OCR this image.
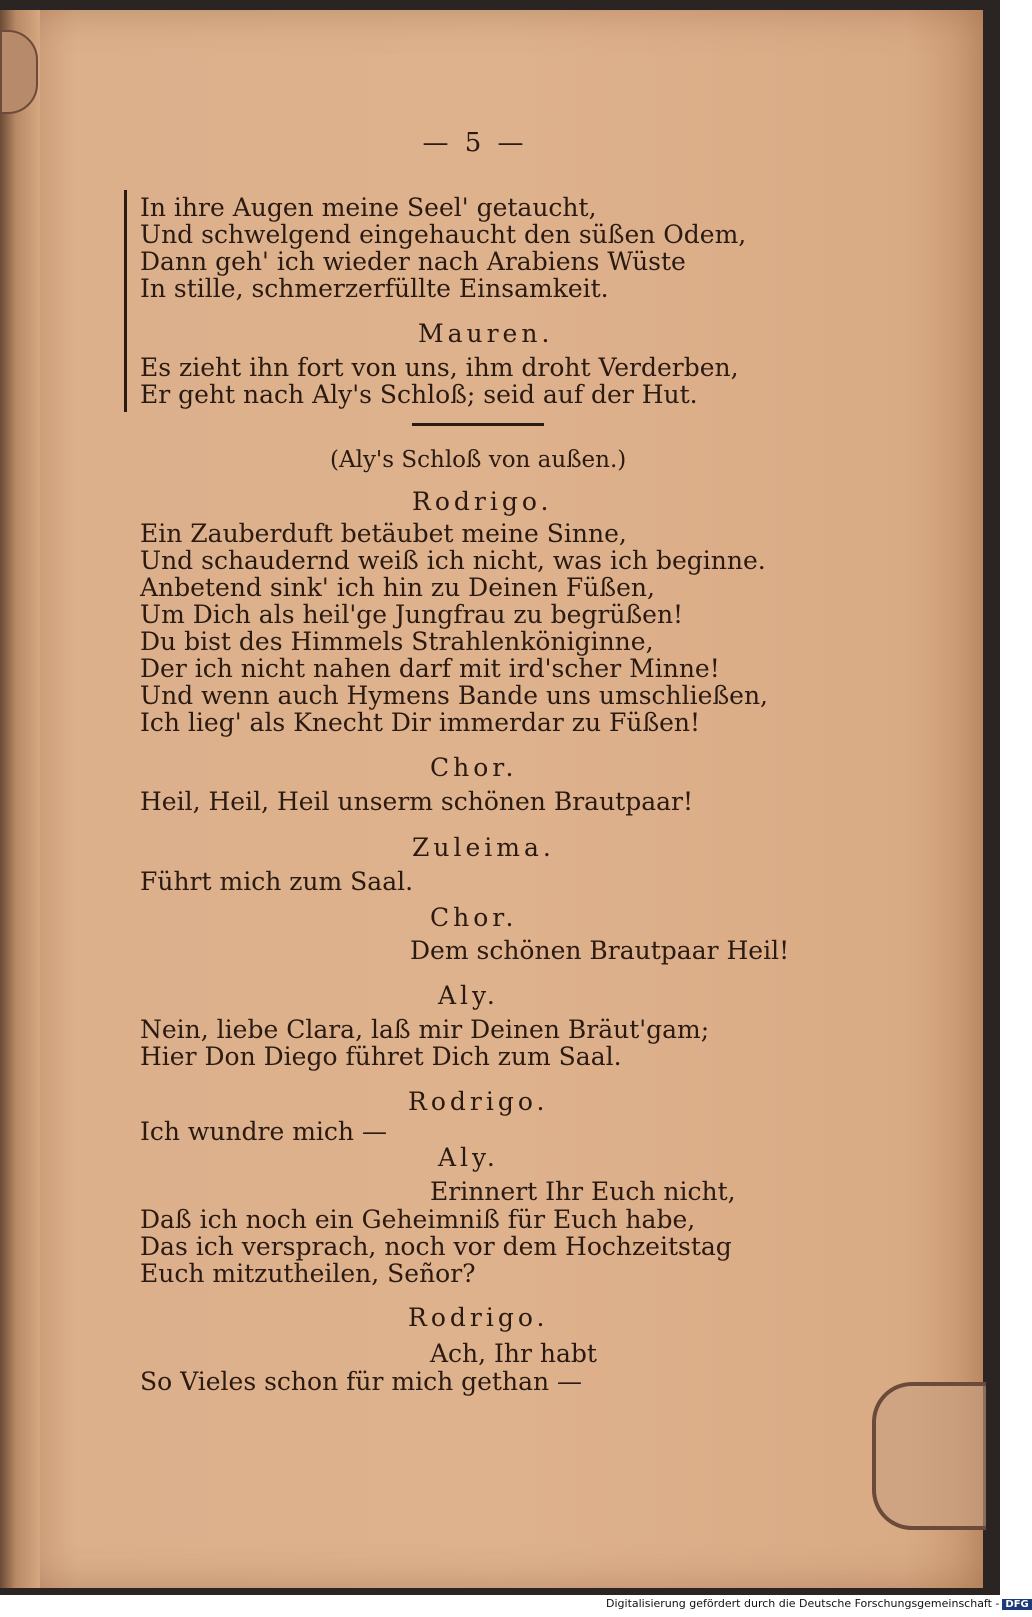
— 5 —
In ihre Augen meine Seel' getaucht,
Und schwelgend eingehaucht den süßen Odem,
Dann geh' ich wieder nach Arabiens Wüste
In stille, schmerzerfüllte Einsamkeit.
Mauren.
Es zieht ihn fort von uns, ihm droht Verderben,
Er geht nach Aly's Schloß; seid auf der Hut.
(Aly's Schloß von außen.)
Rodrigo.
Ein Zauberduft betäubet meine Sinne,
Und schaudernd weiß ich nicht, was ich beginne.
Anbetend sink' ich hin zu Deinen Füßen,
Um Dich als heil'ge Jungfrau zu begrüßen!
Du bist des Himmels Strahlenköniginne,
Der ich nicht nahen darf mit ird'scher Minne!
Und wenn auch Hymens Bande uns umschließen,
Ich lieg' als Knecht Dir immerdar zu Füßen!
Chor.
Heil, Heil, Heil unserm schönen Brautpaar!
Zuleima.
Führt mich zum Saal.
Chor.
Dem schönen Brautpaar Heil!
Aly.
Nein, liebe Clara, laß mir Deinen Bräut'gam;
Hier Don Diego führet Dich zum Saal.
Rodrigo.
Ich wundre mich —
Aly.
Erinnert Ihr Euch nicht,
Daß ich noch ein Geheimniß für Euch habe,
Das ich versprach, noch vor dem Hochzeitstag
Euch mitzutheilen, Señor?
Rodrigo.
Ach, Ihr habt
So Vieles schon für mich gethan —
Digitalisierung gefördert durch die Deutsche Forschungsgemeinschaft - DFG
